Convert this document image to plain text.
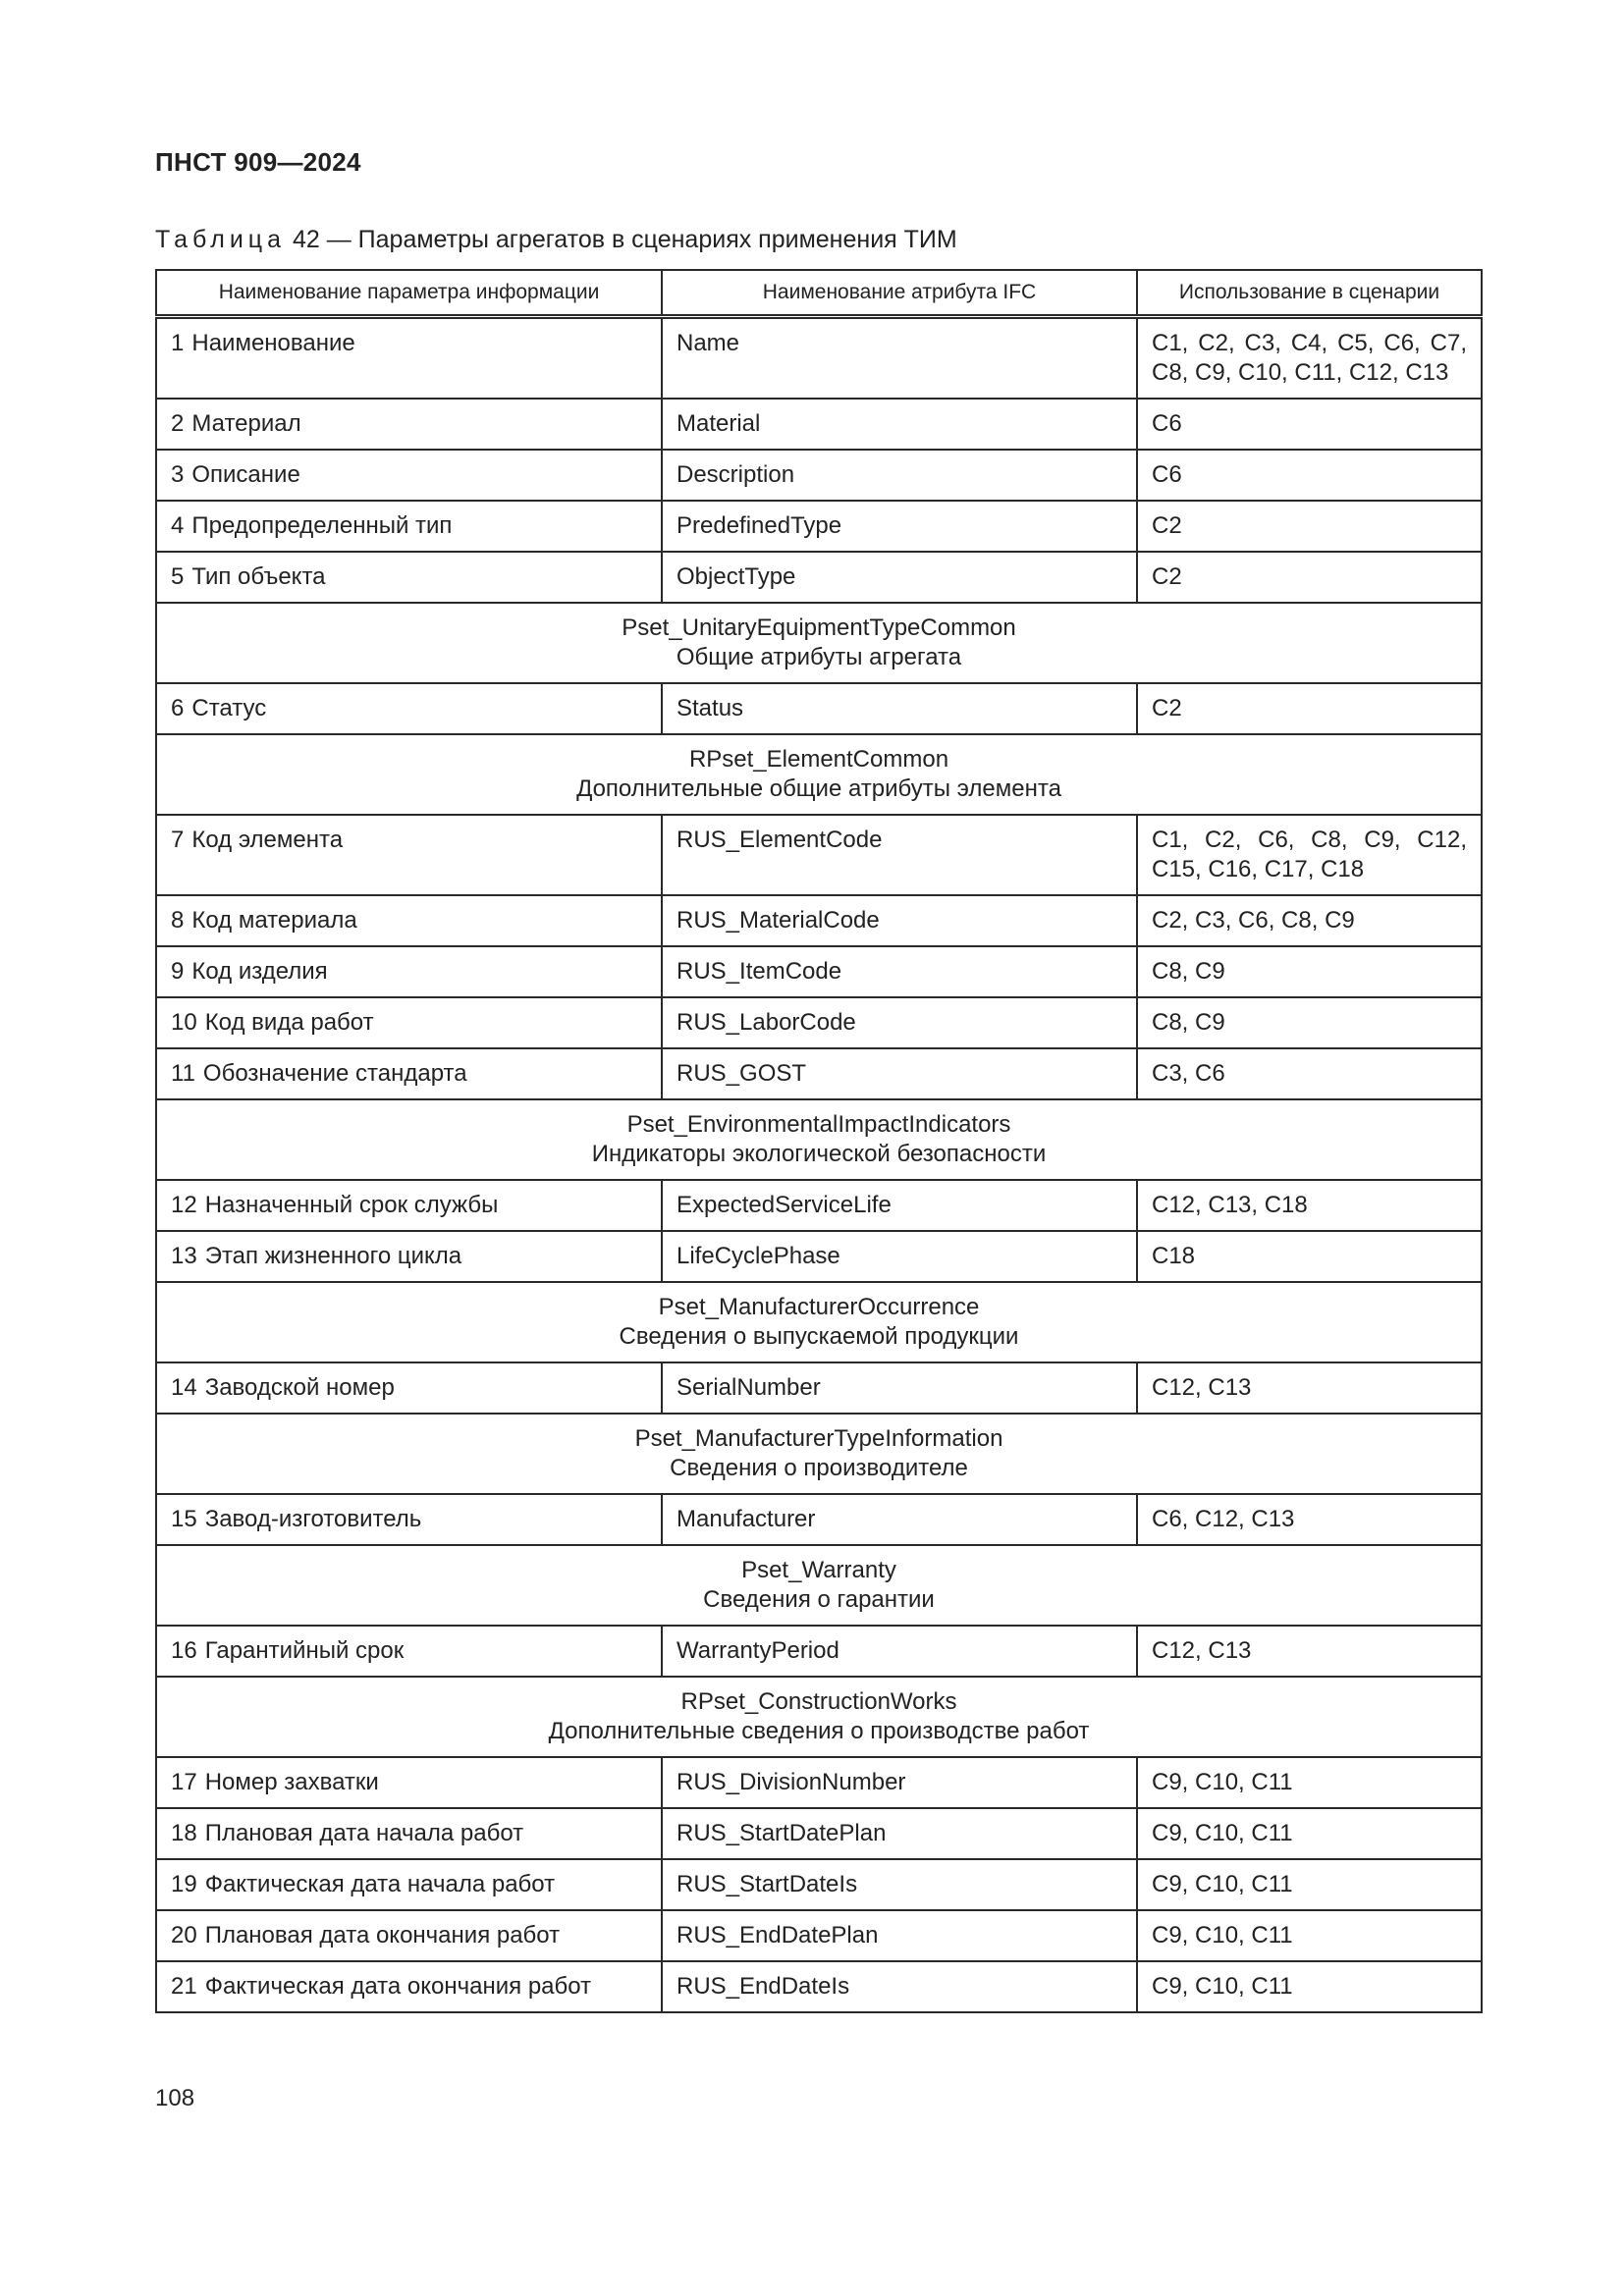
ПНСТ 909—2024
Таблица 42 — Параметры агрегатов в сценариях применения ТИМ
Наименование параметра информации	Наименование атрибута IFC	Использование в сценарии
1 Наименование	Name	C1, C2, C3, C4, C5, C6, C7, C8, C9, C10, C11, C12, C13
2 Материал	Material	C6
3 Описание	Description	C6
4 Предопределенный тип	PredefinedType	C2
5 Тип объекта	ObjectType	C2

Pset_UnitaryEquipmentTypeCommon
Общие атрибуты агрегата		

6 Статус	Status	C2

RPset_ElementCommon
Дополнительные общие атрибуты элемента		

7 Код элемента	RUS_ElementCode	C1, C2, C6, C8, C9, C12, C15, C16, C17, C18
8 Код материала	RUS_MaterialCode	C2, C3, C6, C8, C9
9 Код изделия	RUS_ItemCode	C8, C9
10 Код вида работ	RUS_LaborCode	C8, C9
11 Обозначение стандарта	RUS_GOST	C3, C6

Pset_EnvironmentalImpactIndicators
Индикаторы экологической безопасности		

12 Назначенный срок службы	ExpectedServiceLife	C12, C13, C18
13 Этап жизненного цикла	LifeCyclePhase	C18

Pset_ManufacturerOccurrence
Сведения о выпускаемой продукции		

14 Заводской номер	SerialNumber	C12, C13

Pset_ManufacturerTypeInformation
Сведения о производителе		

15 Завод-изготовитель	Manufacturer	C6, C12, C13

Pset_Warranty
Сведения о гарантии		

16 Гарантийный срок	WarrantyPeriod	C12, C13

RPset_ConstructionWorks
Дополнительные сведения о производстве работ		

17 Номер захватки	RUS_DivisionNumber	C9, C10, C11
18 Плановая дата начала работ	RUS_StartDatePlan	C9, C10, C11
19 Фактическая дата начала работ	RUS_StartDateIs	C9, C10, C11
20 Плановая дата окончания работ	RUS_EndDatePlan	C9, C10, C11
21 Фактическая дата окончания работ	RUS_EndDateIs	C9, C10, C11
108
